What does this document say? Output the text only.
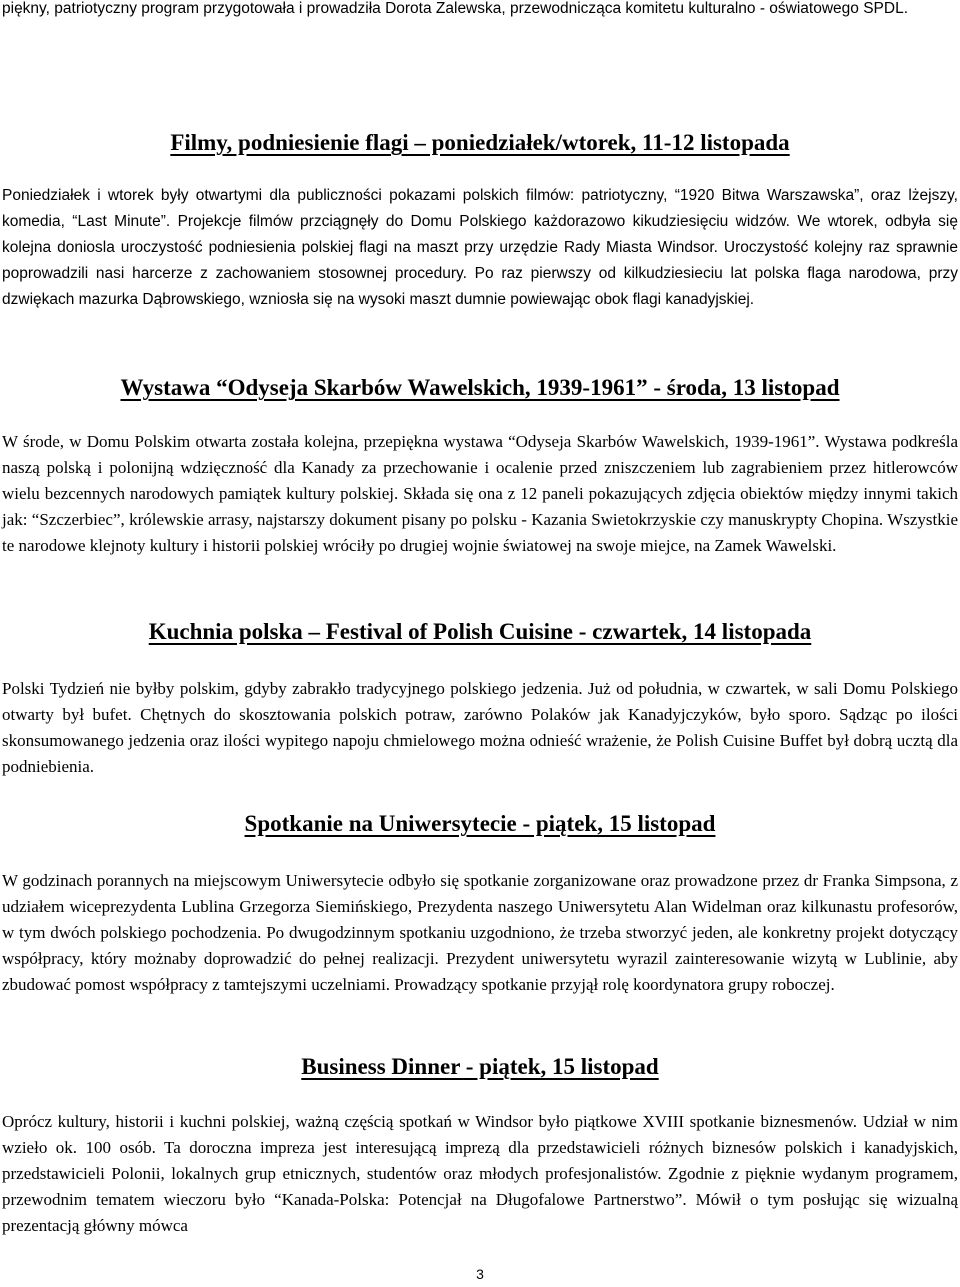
piękny, patriotyczny program przygotowała i prowadziła Dorota Zalewska, przewodnicząca komitetu kulturalno - oświatowego SPDL.

Filmy, podniesienie flagi – poniedziałek/wtorek, 11-12 listopada

Poniedziałek i wtorek były otwartymi dla publiczności pokazami polskich filmów: patriotyczny, “1920 Bitwa Warszawska”, oraz lżejszy, komedia, “Last Minute”. Projekcje filmów przciągnęły do Domu Polskiego każdorazowo kikudziesięciu widzów. We wtorek, odbyła się kolejna doniosla uroczystość podniesienia polskiej flagi na maszt przy urzędzie Rady Miasta Windsor. Uroczystość kolejny raz sprawnie poprowadzili nasi harcerze z zachowaniem stosownej procedury. Po raz pierwszy od kilkudziesieciu lat polska flaga narodowa, przy dzwiękach mazurka Dąbrowskiego, wzniosła się na wysoki maszt dumnie powiewając obok flagi kanadyjskiej.

Wystawa “Odyseja Skarbów Wawelskich, 1939-1961” - środa, 13 listopad

W środe, w Domu Polskim otwarta została kolejna, przepiękna wystawa “Odyseja Skarbów Wawelskich, 1939-1961”. Wystawa podkreśla naszą polską i polonijną wdzięczność dla Kanady za przechowanie i ocalenie przed zniszczeniem lub zagrabieniem przez hitlerowców wielu bezcennych narodowych pamiątek kultury polskiej. Składa się ona z 12 paneli pokazujących zdjęcia obiektów między innymi takich jak: “Szczerbiec”, królewskie arrasy, najstarszy dokument pisany po polsku - Kazania Swietokrzyskie czy manuskrypty Chopina. Wszystkie te narodowe klejnoty kultury i historii polskiej wróciły po drugiej wojnie światowej na swoje miejce, na Zamek Wawelski.

Kuchnia polska – Festival of Polish Cuisine - czwartek, 14 listopada

Polski Tydzień nie byłby polskim, gdyby zabrakło tradycyjnego polskiego jedzenia. Już od południa, w czwartek, w sali Domu Polskiego otwarty był bufet. Chętnych do skosztowania polskich potraw, zarówno Polaków jak Kanadyjczyków, było sporo. Sądząc po ilości skonsumowanego jedzenia oraz ilości wypitego napoju chmielowego można odnieść wrażenie, że Polish Cuisine Buffet był dobrą ucztą dla podniebienia.

Spotkanie na Uniwersytecie - piątek, 15 listopad

W godzinach porannych na miejscowym Uniwersytecie odbyło się spotkanie zorganizowane oraz prowadzone przez dr Franka Simpsona, z udziałem wiceprezydenta Lublina Grzegorza Siemińskiego, Prezydenta naszego Uniwersytetu Alan Widelman oraz kilkunastu profesorów, w tym dwóch polskiego pochodzenia. Po dwugodzinnym spotkaniu uzgodniono, że trzeba stworzyć jeden, ale konkretny projekt dotyczący współpracy, który możnaby doprowadzić do pełnej realizacji. Prezydent uniwersytetu wyrazil zainteresowanie wizytą w Lublinie, aby zbudować pomost współpracy z tamtejszymi uczelniami. Prowadzący spotkanie przyjął rolę koordynatora grupy roboczej.

Business Dinner - piątek, 15 listopad

Oprócz kultury, historii i kuchni polskiej, ważną częścią spotkań w Windsor było piątkowe XVIII spotkanie biznesmenów. Udział w nim wzieło ok. 100 osób. Ta doroczna impreza jest interesującą imprezą dla przedstawicieli różnych biznesów polskich i kanadyjskich, przedstawicieli Polonii, lokalnych grup etnicznych, studentów oraz młodych profesjonalistów. Zgodnie z pięknie wydanym programem, przewodnim tematem wieczoru było “Kanada-Polska: Potencjał na Długofalowe Partnerstwo”. Mówił o tym posłując się wizualną prezentacją główny mówca

3
